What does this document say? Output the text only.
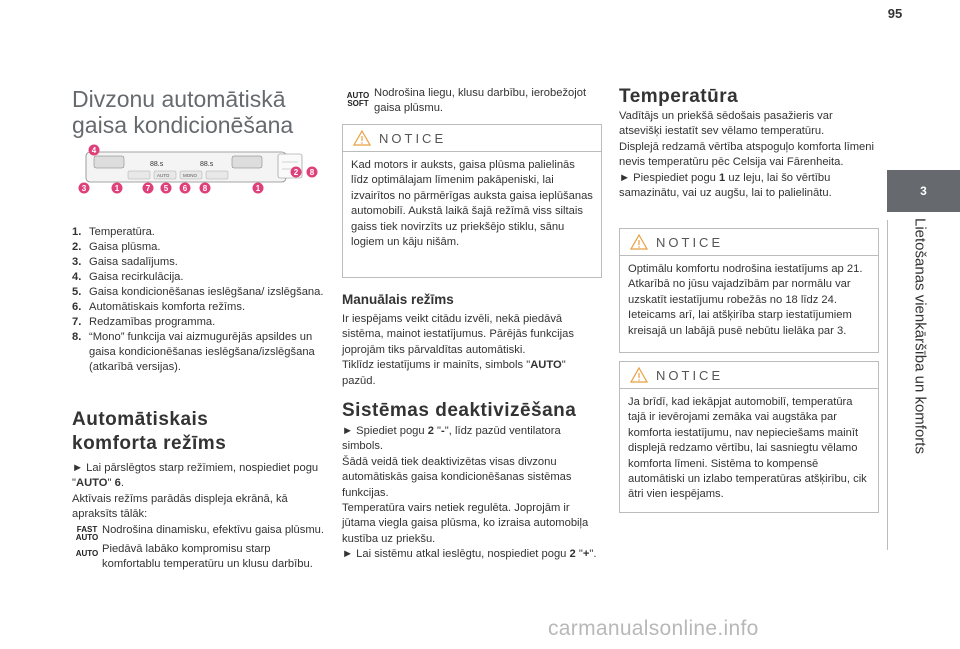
95
3
Lietošanas vienkāršība un komforts
Divzonu automātiskā gaisa kondicionēšana
88.s	88.s
AUTO	MONO
4
3	1	7 5 6 8	1
2 8
1. Temperatūra.
2. Gaisa plūsma.
3. Gaisa sadalījums.
4. Gaisa recirkulācija.
5. Gaisa kondicionēšanas ieslēgšana/ izslēgšana.
6. Automātiskais komforta režīms.
7. Redzamības programma.
8. “Mono” funkcija vai aizmugurējās apsildes un gaisa kondicionēšanas ieslēgšana/izslēgšana (atkarībā versijas).
Automātiskais komforta režīms

► Lai pārslēgtos starp režīmiem, nospiediet pogu "AUTO" 6.

Aktīvais režīms parādās displeja ekrānā, kā apraksīts tālāk:

FAST
AUTO
Nodrošina dinamisku, efektīvu gaisa plūsmu.
AUTO Piedāvā labāko kompromisu starp komfortablu temperatūru un klusu darbību.
AUTO
SOFT
Nodrošina liegu, klusu darbību, ierobežojot gaisa plūsmu.
NOTICE
Kad motors ir auksts, gaisa plūsma palielinās līdz optimālajam līmenim pakāpeniski, lai izvairītos no pārmērīgas auksta gaisa ieplūšanas automobilī. Aukstā laikā šajā režīmā viss siltais gaiss tiek novirzīts uz priekšējo stiklu, sānu logiem un kāju nišām.
Manuālais režīms

Ir iespējams veikt citādu izvēli, nekā piedāvā sistēma, mainot iestatījumus. Pārējās funkcijas joprojām tiks pārvaldītas automātiski.

Tiklīdz iestatījums ir mainīts, simbols "AUTO" pazūd.

Sistēmas deaktivizēšana

► Spiediet pogu 2 "-", līdz pazūd ventilatora simbols.

Šādā veidā tiek deaktivizētas visas divzonu automātiskās gaisa kondicionēšanas sistēmas funkcijas.

Temperatūra vairs netiek regulēta. Joprojām ir jūtama viegla gaisa plūsma, ko izraisa automobiļa kustība uz priekšu.

► Lai sistēmu atkal ieslēgtu, nospiediet pogu 2 "+".

Temperatūra

Vadītājs un priekšā sēdošais pasažieris var atsevišķi iestatīt sev vēlamo temperatūru.

Displejā redzamā vērtība atspoguļo komforta līmeni nevis temperatūru pēc Celsija vai Fārenheita.

► Piespiediet pogu 1 uz leju, lai šo vērtību samazinātu, vai uz augšu, lai to palielinātu.

NOTICE
Optimālu komfortu nodrošina iestatījums ap 21. Atkarībā no jūsu vajadzībām par normālu var uzskatīt iestatījumu robežās no 18 līdz 24. Ieteicams arī, lai atšķirība starp iestatījumiem kreisajā un labājā pusē nebūtu lielāka par 3.
NOTICE
Ja brīdī, kad iekāpjat automobilī, temperatūra tajā ir ievērojami zemāka vai augstāka par komforta iestatījumu, nav nepieciešams mainīt displejā redzamo vērtību, lai sasniegtu vēlamo komforta līmeni. Sistēma to kompensē automātiski un izlabo temperatūras atšķirību, cik ātri vien iespējams.
carmanualsonline.info
